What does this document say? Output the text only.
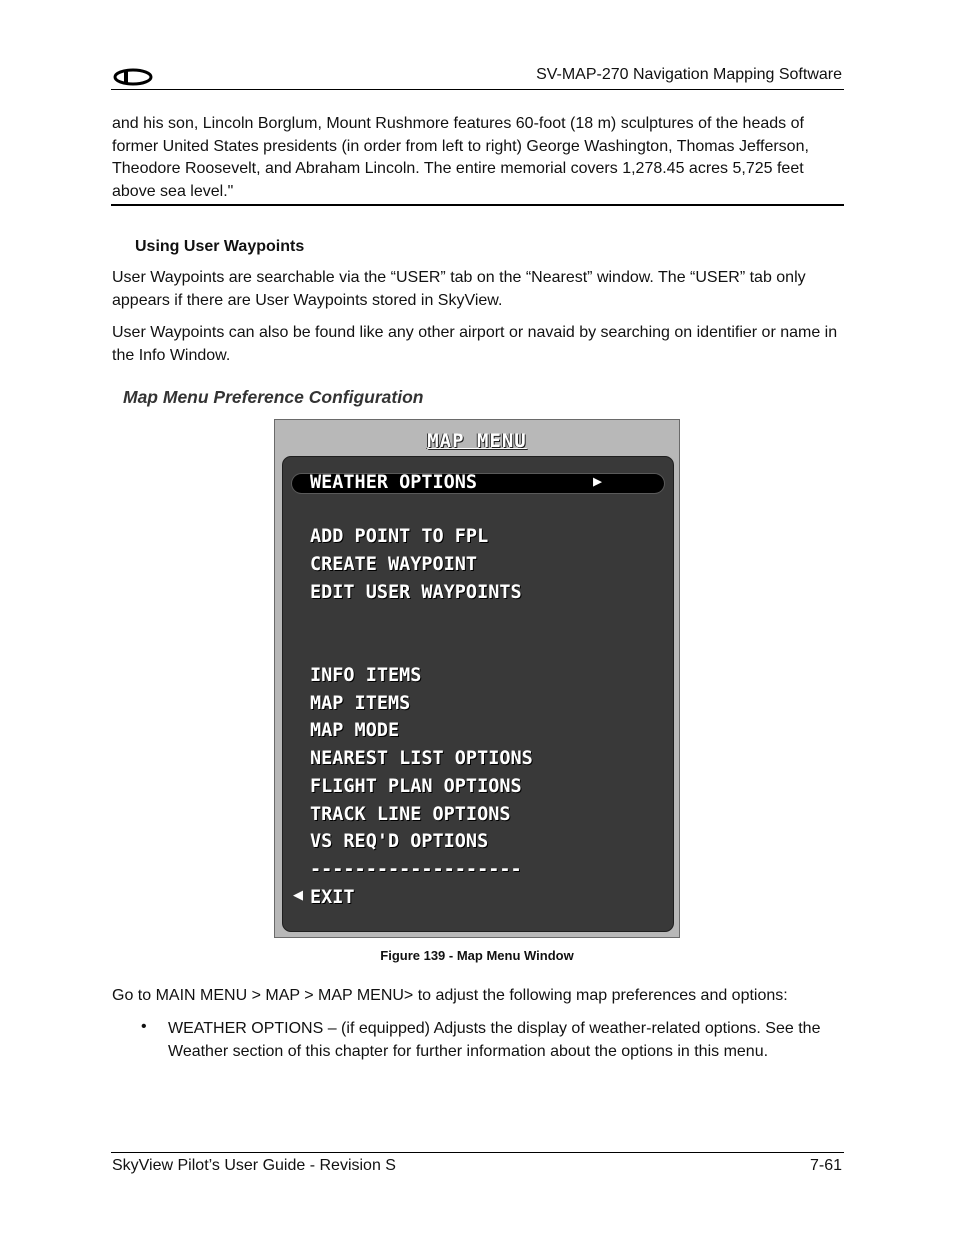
SV-MAP-270 Navigation Mapping Software
and his son, Lincoln Borglum, Mount Rushmore features 60-foot (18 m) sculptures of the heads of former United States presidents (in order from left to right) George Washington, Thomas Jefferson, Theodore Roosevelt, and Abraham Lincoln. The entire memorial covers 1,278.45 acres 5,725 feet above sea level."
Using User Waypoints

User Waypoints are searchable via the “USER” tab on the “Nearest” window. The “USER” tab only appears if there are User Waypoints stored in SkyView.

User Waypoints can also be found like any other airport or navaid by searching on identifier or name in the Info Window.

Map Menu Preference Configuration
MAP MENU

WEATHER OPTIONS

	▶

ADD POINT TO FPL
CREATE WAYPOINT
EDIT USER WAYPOINTS
INFO ITEMS
MAP ITEMS
MAP MODE
NEAREST LIST OPTIONS
FLIGHT PLAN OPTIONS
TRACK LINE OPTIONS
VS REQ'D OPTIONS
-------------------
◀ EXIT
Figure 139 - Map Menu Window

Go to MAIN MENU > MAP > MAP MENU> to adjust the following map preferences and options:

• WEATHER OPTIONS – (if equipped) Adjusts the display of weather-related options. See the Weather section of this chapter for further information about the options in this menu.
SkyView Pilot’s User Guide - Revision S	7-61
